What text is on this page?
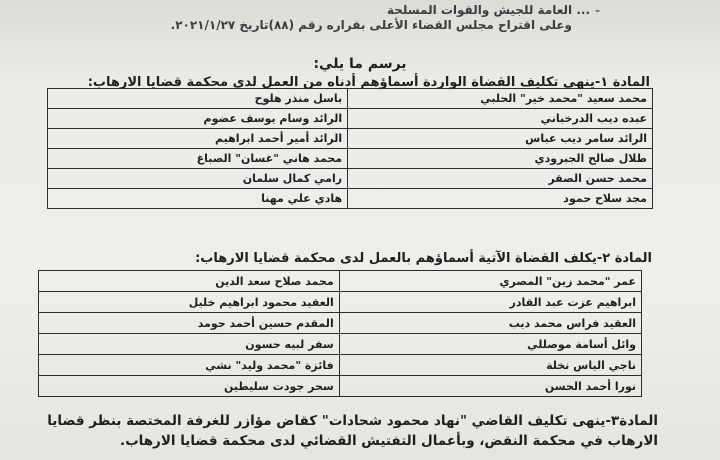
... العامة للجيش والقوات المسلحة -
وعلى اقتراح مجلس القضاء الأعلى بقراره رقم (٨٨)تاريخ ٢٠٢١/١/٢٧.
يرسم ما يلي:
المادة ١-ينهى تكليف القضاة الواردة أسماؤهم أدناه من العمل لدى محكمة قضايا الارهاب:
محمد سعيد "محمد خير" الحلبي	باسل منذر هلوح
عبده ديب الدرخباني	الرائد وسام يوسف عضوم
الرائد سامر ديب عباس	الرائد أمير أحمد ابراهيم
طلال صالح الجبرودي	محمد هاني "غسان" الصباغ
محمد حسن الصقر	رامي كمال سلمان
مجد سلاح حمود	هادي علي مهنا
المادة ٢-يكلف القضاة الآتية أسماؤهم بالعمل لدى محكمة قضايا الارهاب:
عمر "محمد زين" المصري	محمد صلاح سعد الدين
ابراهيم عزت عبد القادر	العقيد محمود ابراهيم خليل
العقيد فراس محمد ديب	المقدم حسين أحمد حومد
وائل أسامة موصللي	سفر لبيه حسون
ناجي الياس نخلة	فائزة "محمد وليد" نشي
نورا أحمد الحسن	سحر جودت سليطين
المادة٣-ينهى تكليف القاضي "نهاد محمود شحادات" كقاض مؤازر للغرفة المختصة بنظر قضايا
الارهاب في محكمة النقض، وبأعمال التفتيش القضائي لدى محكمة قضايا الارهاب.
